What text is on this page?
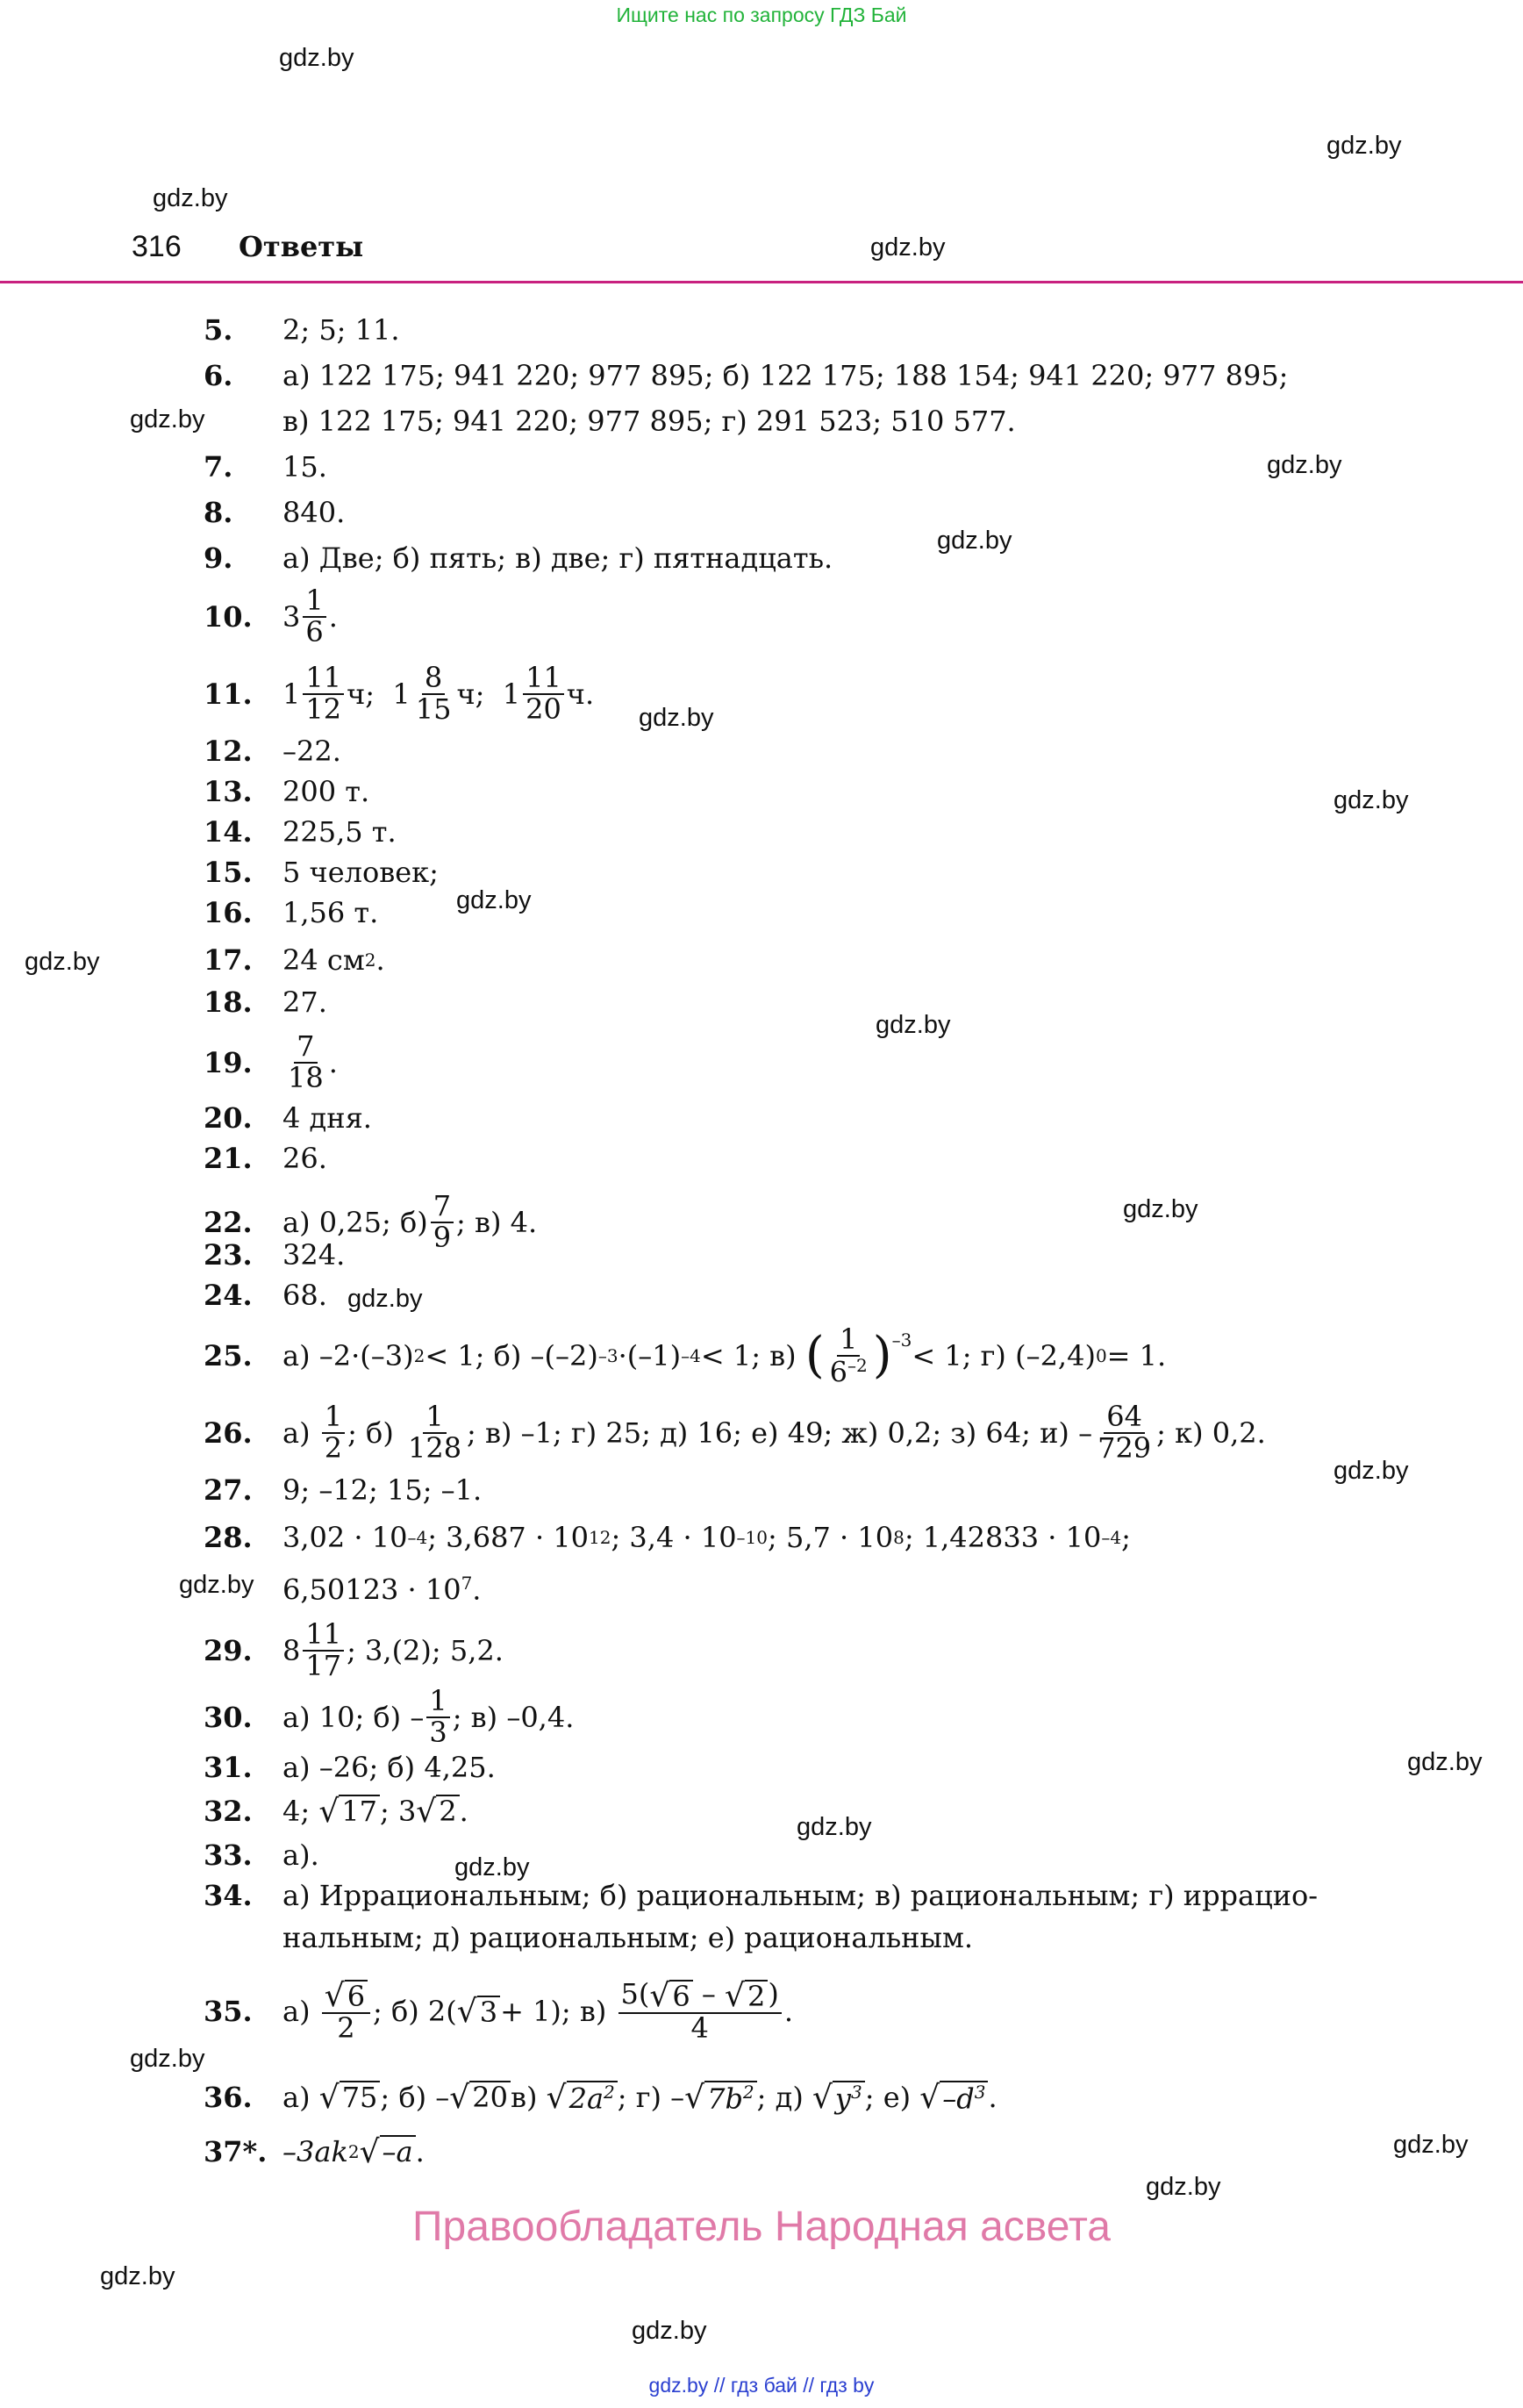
Ищите нас по запросу ГДЗ Бай
316 Ответы
gdz.by
gdz.by
gdz.by
gdz.by
gdz.by
gdz.by
gdz.by
gdz.by
gdz.by
gdz.by
gdz.by
gdz.by
gdz.by
gdz.by
gdz.by
gdz.by
gdz.by
gdz.by
gdz.by
gdz.by
gdz.by
gdz.by
gdz.by
gdz.by
5.	2; 5; 11.
6.	а) 122 175; 941 220; 977 895; б) 122 175; 188 154; 941 220; 977 895;
в) 122 175; 941 220; 977 895; г) 291 523; 510 577.
7.	15.
8.	840.
9.	а) Две; б) пять; в) две; г) пятнадцать.
10.	$3 \frac{1}{6}$ .
11.	$1 \frac{11}{12} ч$;
$1 \frac{8}{15} ч$;
$1 \frac{11}{20} ч$.
12.	–22.
13.	200 т.
14.	225,5 т.
15.	5 человек;
16.	1,56 т.
17.	24 см 2 .
18.	27.
19.	$\frac{7}{18}$ .
20.	4 дня.
21.	26.
22.	а) 0,25; $б) \frac{7}{9}$ ; в) 4.
23.	324.
24.	68.
25.	а)
–2·(–3) 2 < 1;
б)
–(–2) –3 ·(–1) –4 < 1;
в)
( $\frac{1}{6^{-2}} )^{-3} < 1$;
г)
(–2,4) 0 = 1.
26.	а)
$\frac{1}{2}$ ; б)
$\frac{1}{128}$ ; в) –1; г) 25; д) 16; е) 49; ж) 0,2; з) 64; $и) - \frac{64}{729}$ ; к) 0,2.
27.	9; –12; 15; –1.
28.	3,02 · 10 –4 ; 3,687 · 10 12 ; 3,4 · 10 –10 ; 5,7 · 10 8 ; 1,42833 · 10 –4 ;
$6,50123 \cdot 10^7$.
29.	$8 \frac{11}{17}$ ; 3,(2); 5,2.
30.	а) 10; $б) - \frac{1}{3}$ ; в) –0,4.
31.	а) –26; б) 4,25.
32.	4;
√ 17 ; 3 √ 2 .
33.	а).
34.	а) Иррациональным; б) рациональным; в) рациональным; г) иррацио-
нальным; д) рациональным; е) рациональным.
35.	а)
$\frac{√ 6}{2}$ ; б) 2( √ 3 + 1); в)
$\frac{5( √ 6 - √ 2 )}{4}$ .
36.	а)
√ 75 ; б) – √ 20 в)
√ $2a^2$ ; г) – √ $7b^2$ ; д)
√ $y^3$ ; е)
√ $-d^3$ .
37*. –3ak 2 √ –a .
Правообладатель Народная асвета
gdz.by // гдз бай // гдз by
